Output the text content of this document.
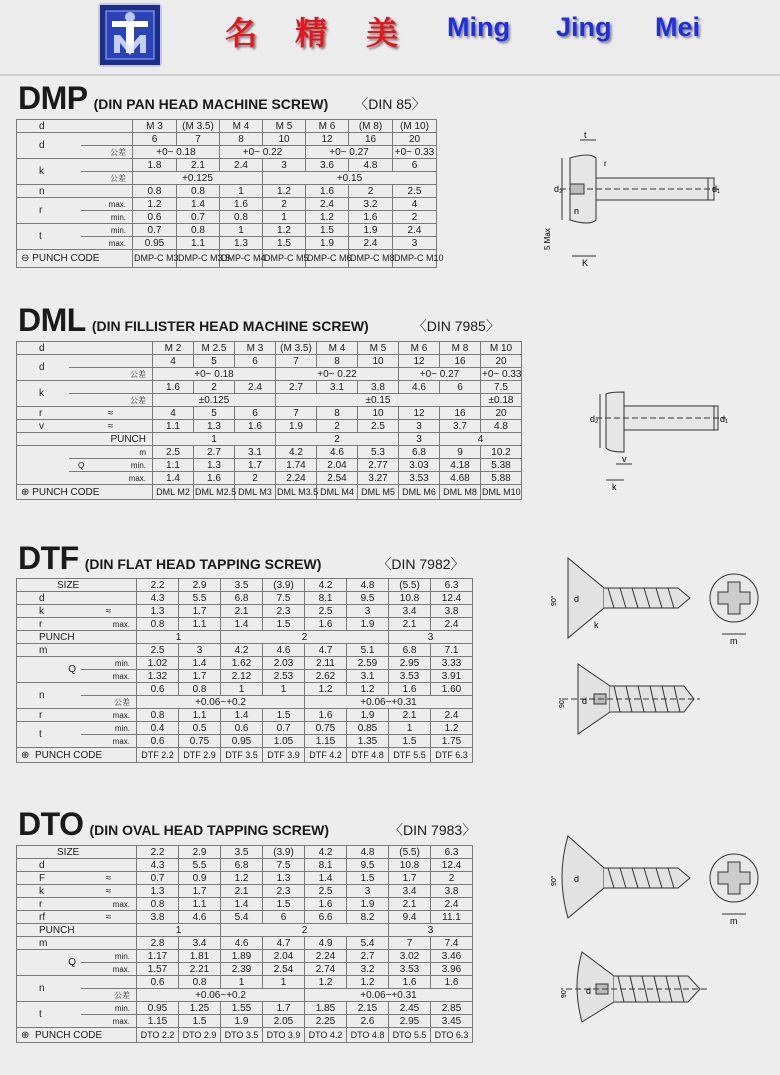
名 精 美 Ming Jing Mei
DMP (DIN PAN HEAD MACHINE SCREW) 〈DIN 85〉
d		M 3	(M 3.5)	M 4	M 5	M 6	(M 8)	(M 10)
d		6	7	8	10	12	16	20
	公差	+0~ 0.18		+0~ 0.22		+0~ 0.27		+0~ 0.33
k		1.8	2.1	2.4	3	3.6	4.8	6
	公差	+0.125			+0.15			
n		0.8	0.8	1	1.2	1.6	2	2.5
r	max.	1.2	1.4	1.6	2	2.4	3.2	4
	min.	0.6	0.7	0.8	1	1.2	1.6	2
t	min.	0.7	0.8	1	1.2	1.5	1.9	2.4
	max.	0.95	1.1	1.3	1.5	1.9	2.4	3
⊖ PUNCH CODE		DMP-C M3	DMP-C M3.5	DMP-C M4	DMP-C M5	DMP-C M6	DMP-C M8	DMP-C M10
t
r
d₂
n
d₁
5 Max
K
DML (DIN FILLISTER HEAD MACHINE SCREW)	〈DIN 7985〉
d		M 2	M 2.5	M 3	(M 3.5)	M 4	M 5	M 6	M 8	M 10
d		4	5	6	7	8	10	12	16	20
	公差	+0~ 0.18			+0~ 0.22			+0~ 0.27		+0~ 0.33
k		1.6	2	2.4	2.7	3.1	3.8	4.6	6	7.5
	公差	±0.125			±0.15					±0.18
r	≈	4	5	6	7	8	10	12	16	20
v	≈	1.1	1.3	1.6	1.9	2	2.5	3	3.7	4.8
PUNCH		1			2			3	4	
	m	2.5	2.7	3.1	4.2	4.6	5.3	6.8	9	10.2

	Q min.	1.1	1.3	1.7	1.74	2.04	2.77	3.03	4.18	5.38
	max.	1.4	1.6	2	2.24	2.54	3.27	3.53	4.68	5.88
⊕ PUNCH CODE		DML M2	DML M2.5	DML M3	DML M3.5	DML M4	DML M5	DML M6	DML M8	DML M10
d₂	d₁
v
k
DTF (DIN FLAT HEAD TAPPING SCREW)	〈DIN 7982〉
SIZE		2.2	2.9	3.5	(3.9)	4.2	4.8	(5.5)	6.3
d		4.3	5.5	6.8	7.5	8.1	9.5	10.8	12.4
k	≈	1.3	1.7	2.1	2.3	2.5	3	3.4	3.8
r	max.	0.8	1.1	1.4	1.5	1.6	1.9	2.1	2.4
PUNCH		1		2				3	
m		2.5	3	4.2	4.6	4.7	5.1	6.8	7.1
Q	min.	1.02	1.4	1.62	2.03	2.11	2.59	2.95	3.33
	max.	1.32	1.7	2.12	2.53	2.62	3.1	3.53	3.91
n		0.6	0.8	1	1	1.2	1.2	1.6	1.60
	公差	+0.06~+0.2				+0.06~+0.31			
r	max.	0.8	1.1	1.4	1.5	1.6	1.9	2.1	2.4
t	min.	0.4	0.5	0.6	0.7	0.75	0.85	1	1.2
	max.	0.6	0.75	0.95	1.05	1.15	1.35	1.5	1.75
⊕ PUNCH CODE		DTF 2.2	DTF 2.9	DTF 3.5	DTF 3.9	DTF 4.2	DTF 4.8	DTF 5.5	DTF 6.3
90° d
k
m
90° d
DTO (DIN OVAL HEAD TAPPING SCREW)	〈DIN 7983〉
SIZE		2.2	2.9	3.5	(3.9)	4.2	4.8	(5.5)	6.3
d		4.3	5.5	6.8	7.5	8.1	9.5	10.8	12.4
F	≈	0.7	0.9	1.2	1.3	1.4	1.5	1.7	2
k	≈	1.3	1.7	2.1	2.3	2.5	3	3.4	3.8
r	max.	0.8	1.1	1.4	1.5	1.6	1.9	2.1	2.4
rf	≈	3.8	4.6	5.4	6	6.6	8.2	9.4	11.1
PUNCH		1		2				3	
m		2.8	3.4	4.6	4.7	4.9	5.4	7	7.4
Q	min.	1.17	1.81	1.89	2.04	2.24	2.7	3.02	3.46
	max.	1.57	2.21	2.39	2.54	2.74	3.2	3.53	3.96
n		0.6	0.8	1	1	1.2	1.2	1.6	1.6
	公差	+0.06~+0.2				+0.06~+0.31			
t	min.	0.95	1.25	1.55	1.7	1.85	2.15	2.45	2.85
	max.	1.15	1.5	1.9	2.05	2.25	2.6	2.95	3.45
⊕ PUNCH CODE		DTO 2.2	DTO 2.9	DTO 3.5	DTO 3.9	DTO 4.2	DTO 4.8	DTO 5.5	DTO 6.3
90° d
m
90° d
